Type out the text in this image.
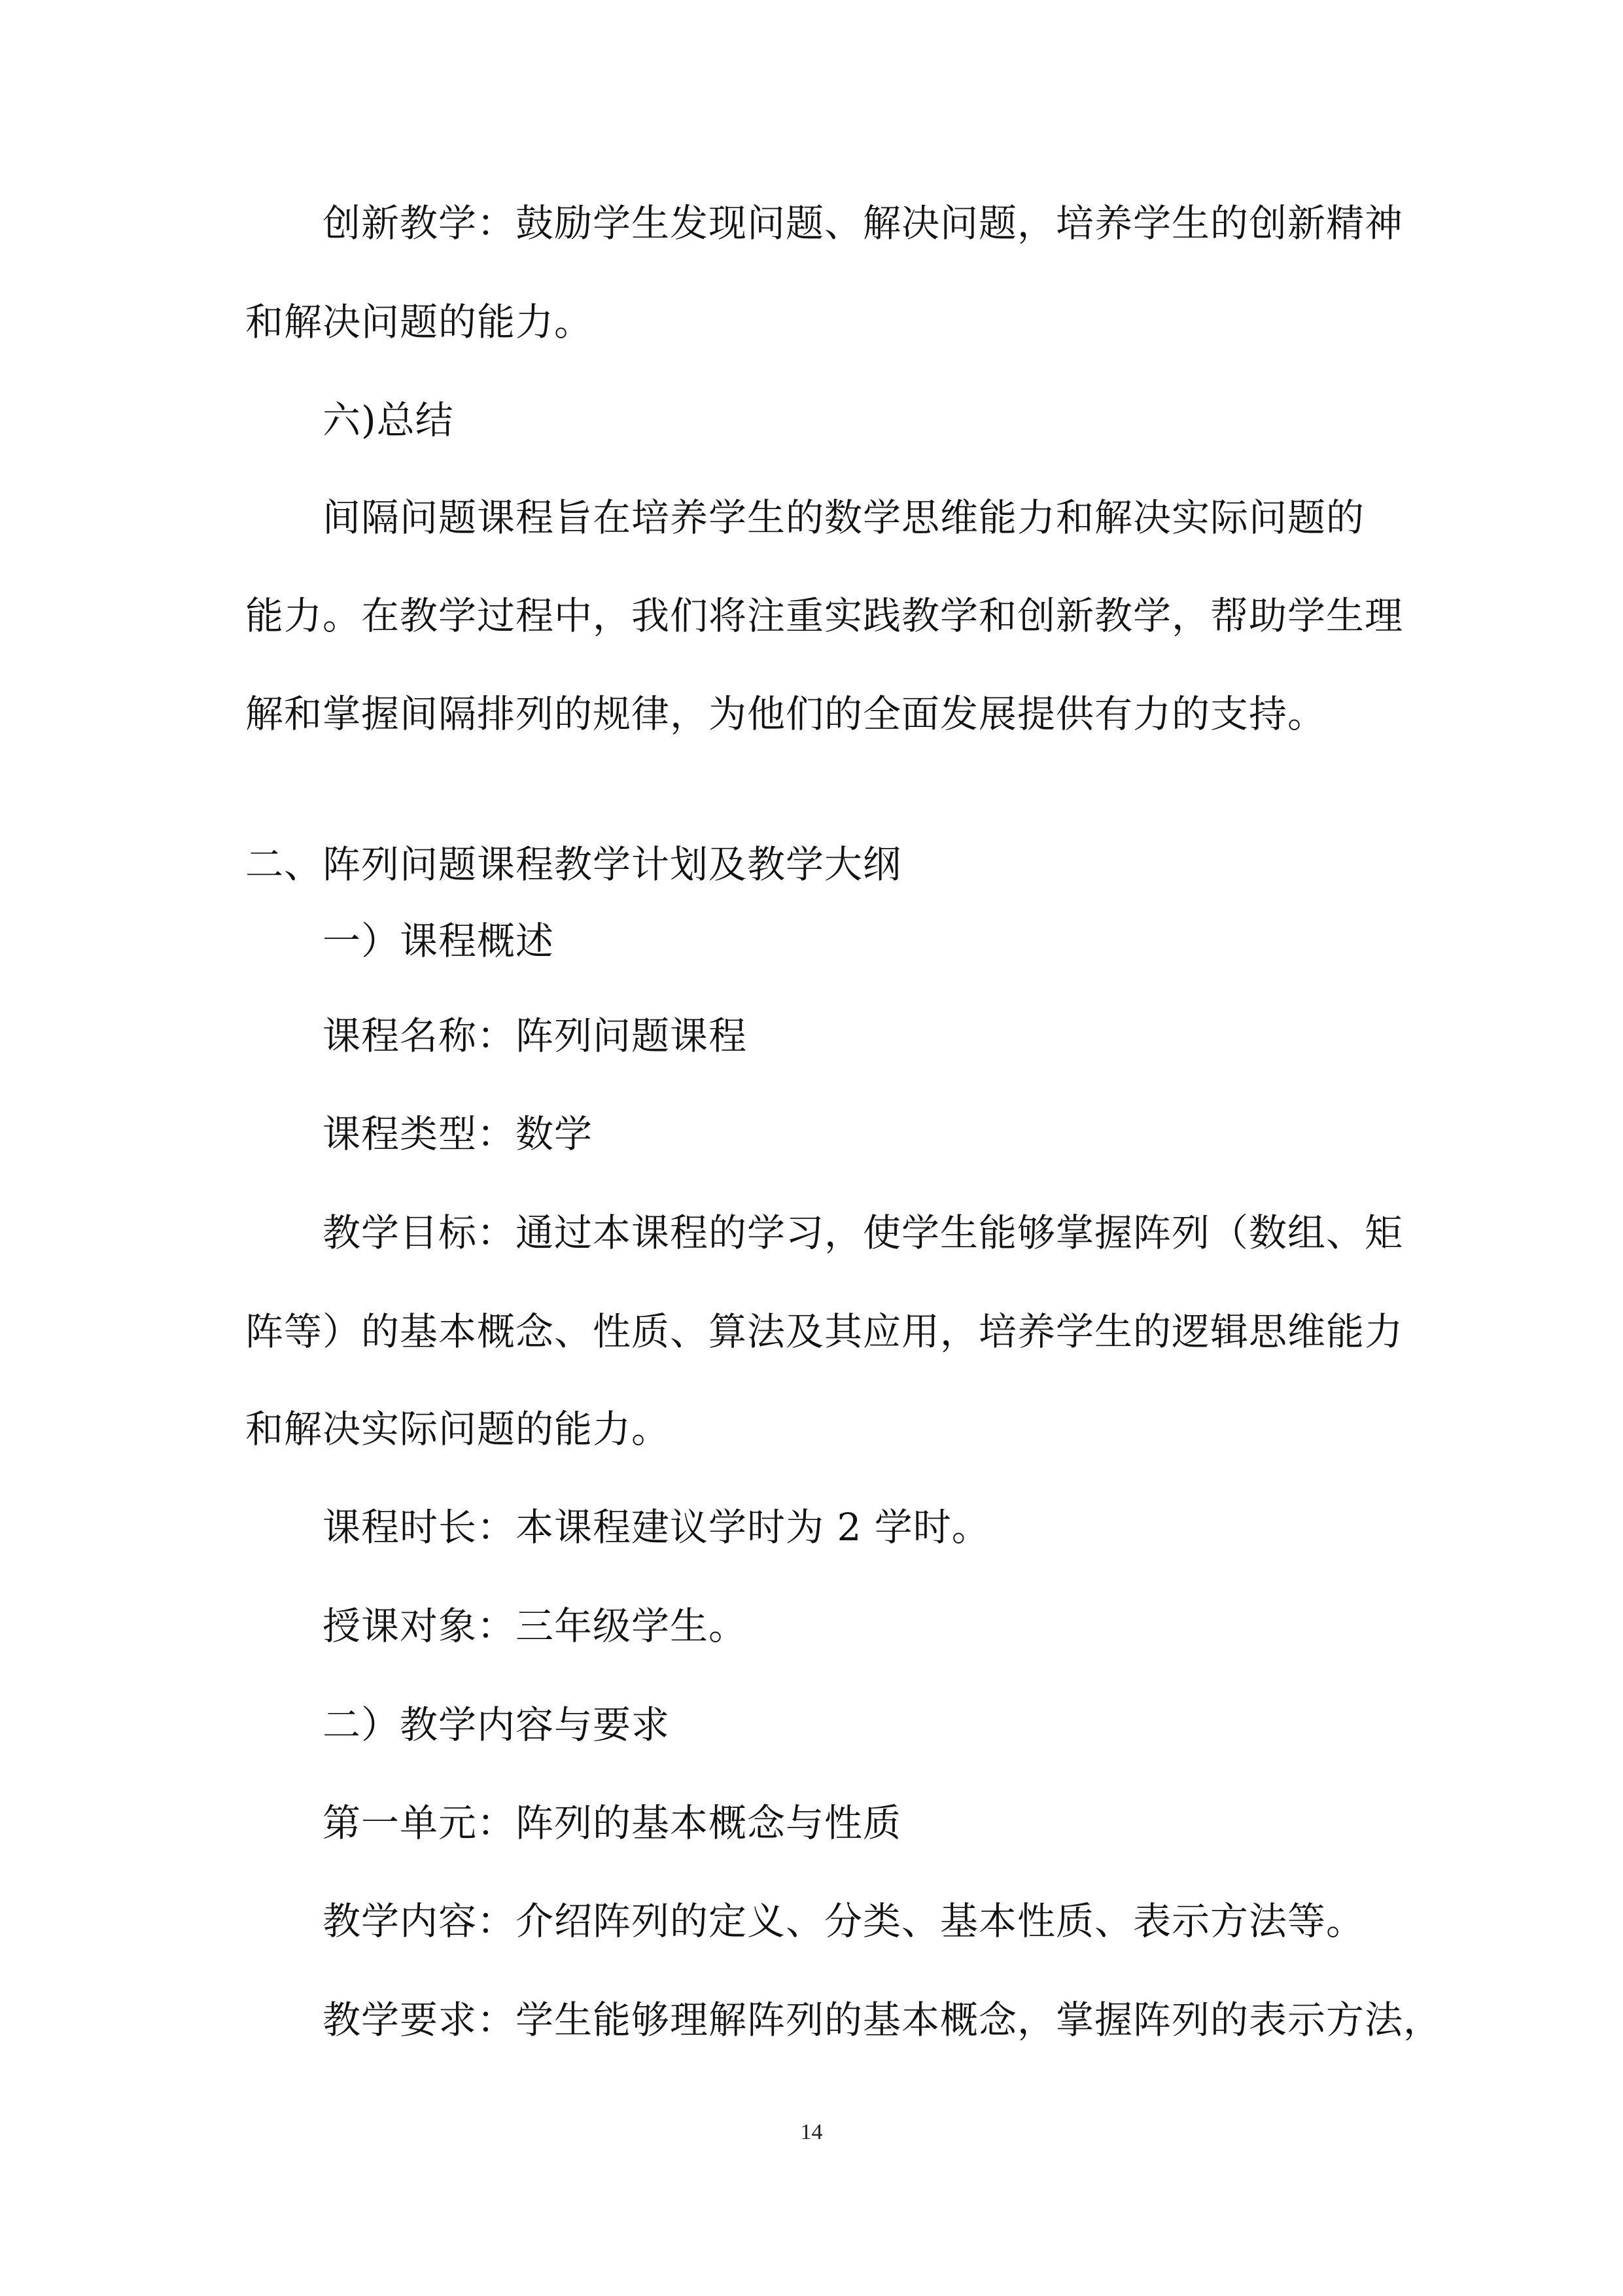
创新教学：鼓励学生发现问题、解决问题，培养学生的创新精神
和解决问题的能力。
六)总结
间隔问题课程旨在培养学生的数学思维能力和解决实际问题的
能力。在教学过程中，我们将注重实践教学和创新教学，帮助学生理
解和掌握间隔排列的规律，为他们的全面发展提供有力的支持。
二、阵列问题课程教学计划及教学大纲
一）课程概述
课程名称：阵列问题课程
课程类型：数学
教学目标：通过本课程的学习，使学生能够掌握阵列（数组、矩
阵等）的基本概念、性质、算法及其应用，培养学生的逻辑思维能力
和解决实际问题的能力。
课程时长：本课程建议学时为 2 学时。
授课对象：三年级学生。
二）教学内容与要求
第一单元：阵列的基本概念与性质
教学内容：介绍阵列的定义、分类、基本性质、表示方法等。
教学要求：学生能够理解阵列的基本概念，掌握阵列的表示方法，
14
